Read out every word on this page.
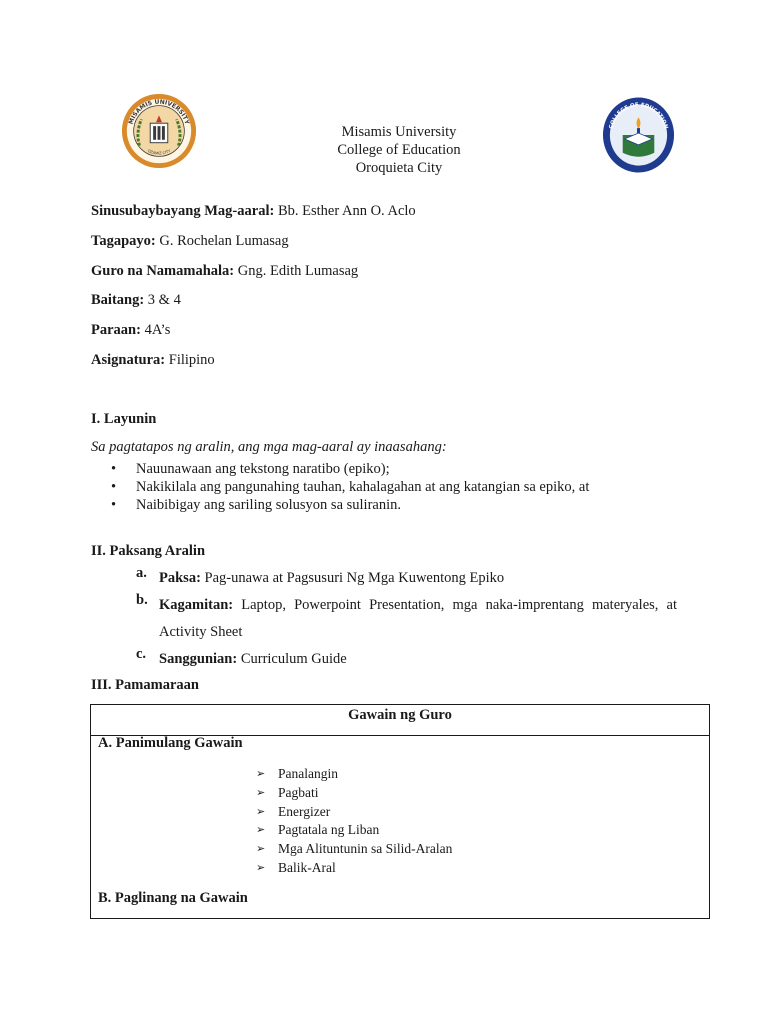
MISAMIS UNIVERSITY
OZAMIZ CITY
COLLEGE OF EDUCATION
Misamis University
College of Education
Oroquieta City
Sinusubaybayang Mag-aaral: Bb. Esther Ann O. Aclo
Tagapayo: G. Rochelan Lumasag
Guro na Namamahala: Gng. Edith Lumasag
Baitang: 3 & 4
Paraan: 4A’s
Asignatura: Filipino
I. Layunin
Sa pagtatapos ng aralin, ang mga mag-aaral ay inaasahang:
• Nauunawaan ang tekstong naratibo (epiko);
• Nakikilala ang pangunahing tauhan, kahalagahan at ang katangian sa epiko, at
• Naibibigay ang sariling solusyon sa suliranin.
II. Paksang Aralin
a. Paksa: Pag-unawa at Pagsusuri Ng Mga Kuwentong Epiko
b. Kagamitan: Laptop, Powerpoint Presentation, mga naka-imprentang materyales, at Activity Sheet
c. Sanggunian: Curriculum Guide
III. Pamamaraan
Gawain ng Guro
A. Panimulang Gawain
➢ Panalangin
➢ Pagbati
➢ Energizer
➢ Pagtatala ng Liban
➢ Mga Alituntunin sa Silid-Aralan
➢ Balik-Aral
B. Paglinang na Gawain
